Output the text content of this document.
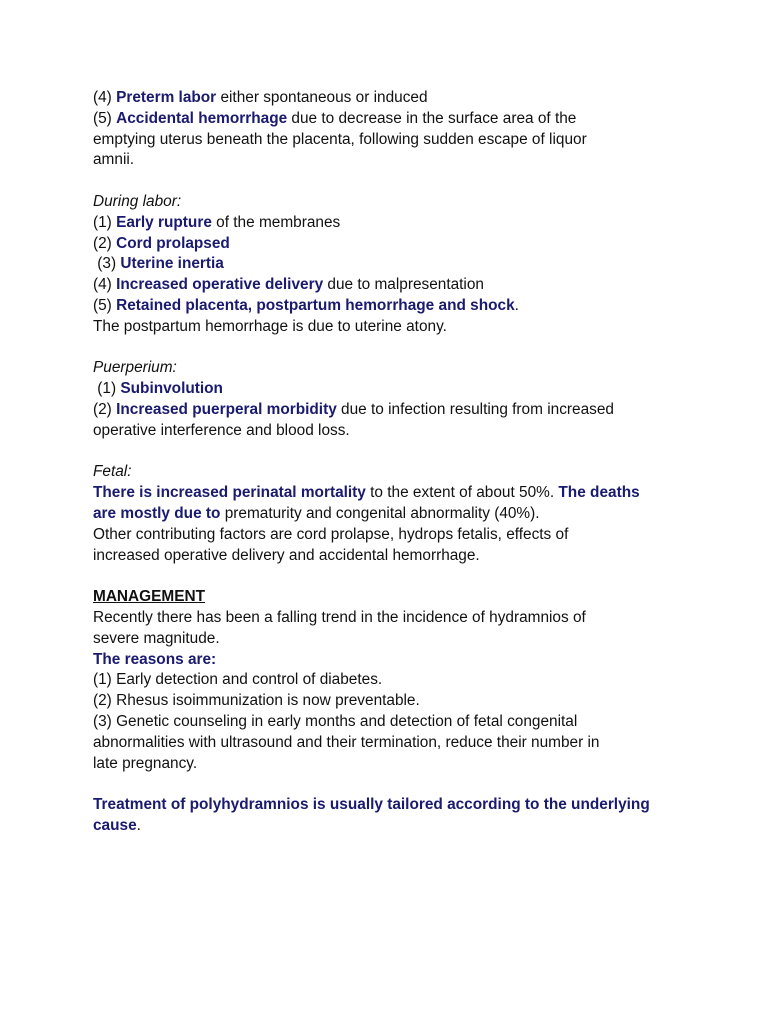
(4) Preterm labor either spontaneous or induced
(5) Accidental hemorrhage due to decrease in the surface area of the
emptying uterus beneath the placenta, following sudden escape of liquor
amnii.
During labor:
(1) Early rupture of the membranes
(2) Cord prolapsed
(3) Uterine inertia
(4) Increased operative delivery due to malpresentation
(5) Retained placenta, postpartum hemorrhage and shock.
The postpartum hemorrhage is due to uterine atony.
Puerperium:
(1) Subinvolution
(2) Increased puerperal morbidity due to infection resulting from increased
operative interference and blood loss.
Fetal:
There is increased perinatal mortality to the extent of about 50%. The deaths
are mostly due to prematurity and congenital abnormality (40%).
Other contributing factors are cord prolapse, hydrops fetalis, effects of
increased operative delivery and accidental hemorrhage.
MANAGEMENT
Recently there has been a falling trend in the incidence of hydramnios of
severe magnitude.
The reasons are:
(1) Early detection and control of diabetes.
(2) Rhesus isoimmunization is now preventable.
(3) Genetic counseling in early months and detection of fetal congenital
abnormalities with ultrasound and their termination, reduce their number in
late pregnancy.
Treatment of polyhydramnios is usually tailored according to the underlying
cause.
